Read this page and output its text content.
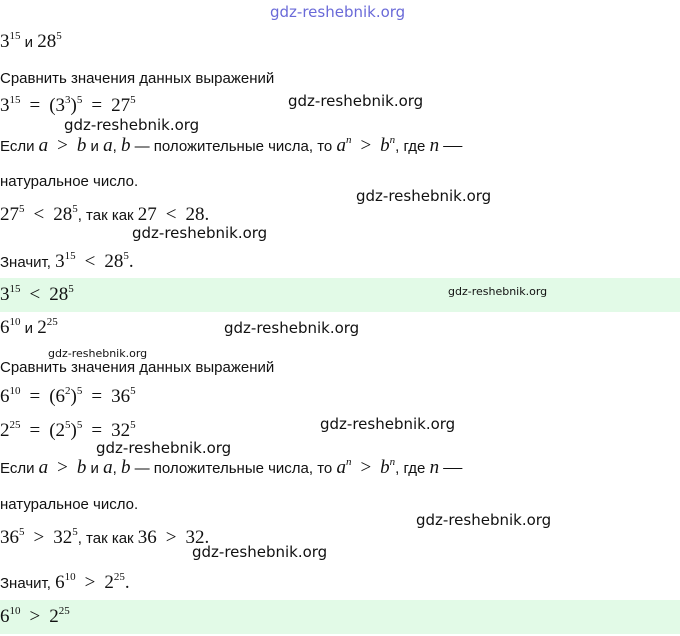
$3^{15}$ и $28^5$
Сравнить значения данных выражений
$3^{15} = (3^3)^5 = 27^5$
Если a > b и a, b — положительные числа, то $a^n > b^n$, где n —
натуральное число.
$27^5 < 28^5$, так как 27 < 28.
Значит, $3^{15} < 28^5$.
$3^{15} < 28^5$
$6^{10}$ и $2^{25}$
Сравнить значения данных выражений
$6^{10} = (6^2)^5 = 36^5$
$2^{25} = (2^5)^5 = 32^5$
Если a > b и a, b — положительные числа, то $a^n > b^n$, где n —
натуральное число.
$36^5 > 32^5$, так как 36 > 32.
Значит, $6^{10} > 2^{25}$.
$6^{10} > 2^{25}$
gdz-reshebnik.org
gdz-reshebnik.org
gdz-reshebnik.org
gdz-reshebnik.org
gdz-reshebnik.org
gdz-reshebnik.org
gdz-reshebnik.org
gdz-reshebnik.org
gdz-reshebnik.org
gdz-reshebnik.org
gdz-reshebnik.org
gdz-reshebnik.org
